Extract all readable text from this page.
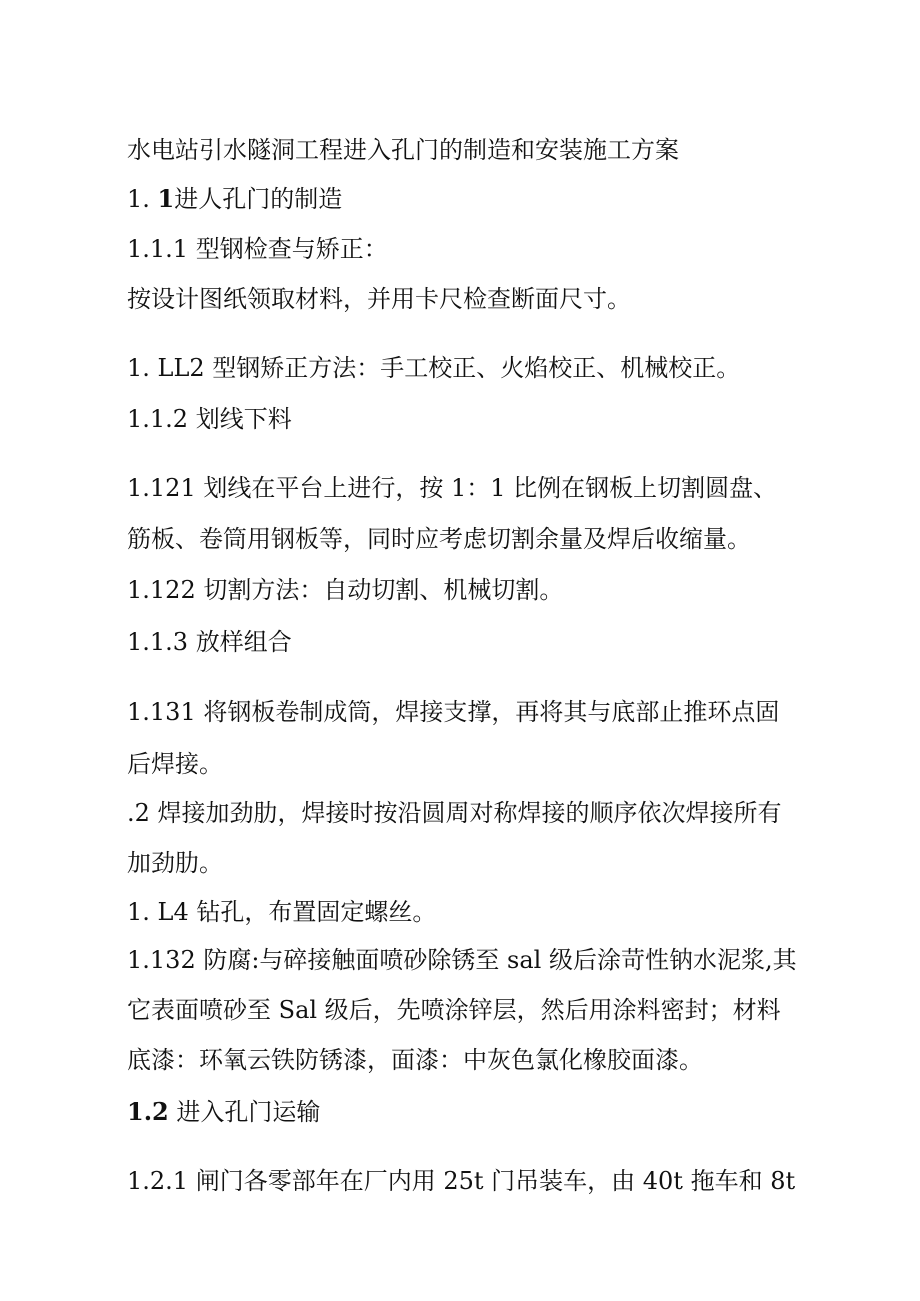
水电站引水隧洞工程进入孔门的制造和安装施工方案

1. 1进人孔门的制造

1.1.1 型钢检查与矫正：

按设计图纸领取材料，并用卡尺检查断面尺寸。

1. LL2 型钢矫正方法：手工校正、火焰校正、机械校正。

1.1.2 划线下料

1.121 划线在平台上进行，按 1：1 比例在钢板上切割圆盘、

筋板、卷筒用钢板等，同时应考虑切割余量及焊后收缩量。

1.122 切割方法：自动切割、机械切割。

1.1.3 放样组合

1.131 将钢板卷制成筒，焊接支撑，再将其与底部止推环点固

后焊接。

.2 焊接加劲肋，焊接时按沿圆周对称焊接的顺序依次焊接所有

加劲肋。

1. L4 钻孔，布置固定螺丝。

1.132 防腐:与碎接触面喷砂除锈至 sal 级后涂苛性钠水泥浆,其

它表面喷砂至 Sal 级后，先喷涂锌层，然后用涂料密封；材料

底漆：环氧云铁防锈漆，面漆：中灰色氯化橡胶面漆。

1.2 进入孔门运输

1.2.1 闸门各零部年在厂内用 25t 门吊装车，由 40t 拖车和 8t
